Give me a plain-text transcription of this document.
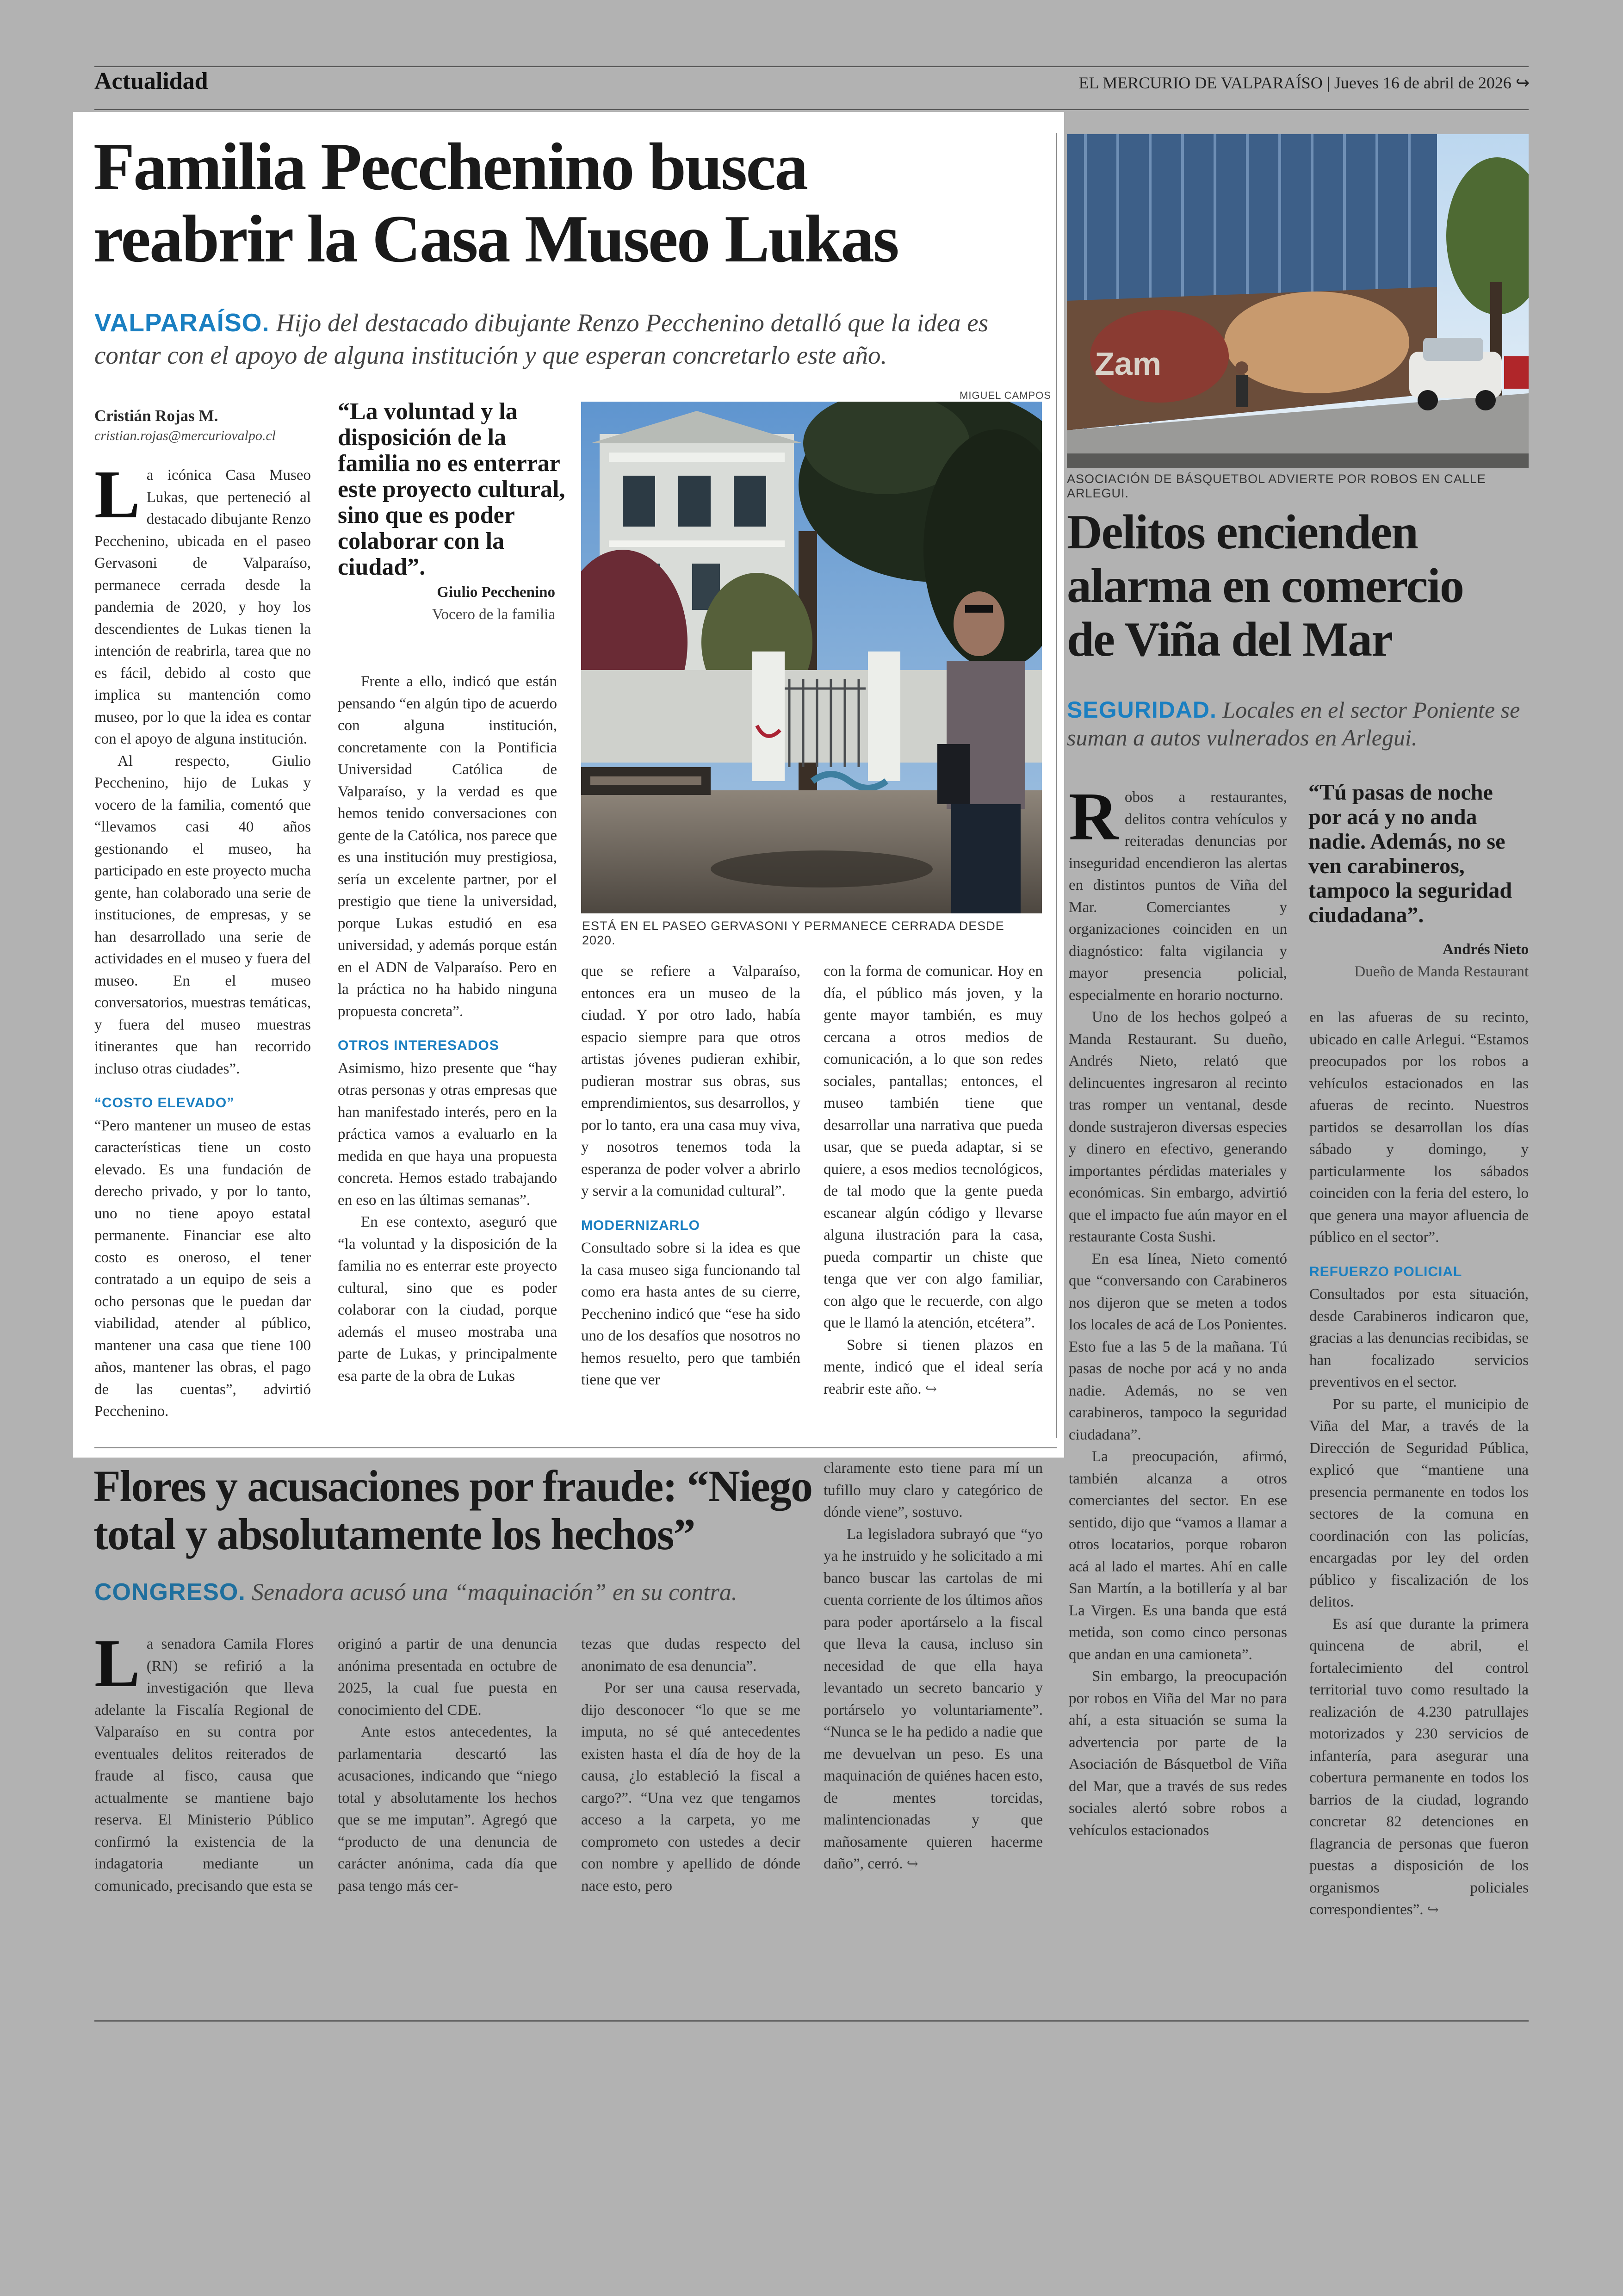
Actualidad	EL MERCURIO DE VALPARAÍSO | Jueves 16 de abril de 2026 ↪
Familia Pecchenino busca
reabrir la Casa Museo Lukas
VALPARAÍSO. Hijo del destacado dibujante Renzo Pecchenino detalló que la idea es contar con el apoyo de alguna institución y que esperan concretarlo este año.
Cristián Rojas M.
cristian.rojas@mercuriovalpo.cl

L a icónica Casa Museo Lukas, que perteneció al destacado dibujante Renzo Pecchenino, ubicada en el paseo Gervasoni de Valparaíso, permanece cerrada desde la pandemia de 2020, y hoy los descendientes de Lukas tienen la intención de reabrirla, tarea que no es fácil, debido al costo que implica su mantención como museo, por lo que la idea es contar con el apoyo de alguna institución.

Al respecto, Giulio Pecchenino, hijo de Lukas y vocero de la familia, comentó que “llevamos casi 40 años gestionando el museo, ha participado en este proyecto mucha gente, han colaborado una serie de instituciones, de empresas, y se han desarrollado una serie de actividades en el museo y fuera del museo. En el museo conversatorios, muestras temáticas, y fuera del museo muestras itinerantes que han recorrido incluso otras ciudades”.

“COSTO ELEVADO”

“Pero mantener un museo de estas características tiene un costo elevado. Es una fundación de derecho privado, y por lo tanto, uno no tiene apoyo estatal permanente. Financiar ese alto costo es oneroso, el tener contratado a un equipo de seis a ocho personas que le puedan dar viabilidad, atender al público, mantener una casa que tiene 100 años, mantener las obras, el pago de las cuentas”, advirtió Pecchenino.

“La voluntad y la disposición de la familia no es enterrar este proyecto cultural, sino que es poder colaborar con la ciudad”.
Giulio Pecchenino
Vocero de la familia

Frente a ello, indicó que están pensando “en algún tipo de acuerdo con alguna institución, concretamente con la Pontificia Universidad Católica de Valparaíso, y la verdad es que hemos tenido conversaciones con gente de la Católica, nos parece que es una institución muy prestigiosa, sería un excelente partner, por el prestigio que tiene la universidad, porque Lukas estudió en esa universidad, y además porque están en el ADN de Valparaíso. Pero en la práctica no ha habido ninguna propuesta concreta”.

OTROS INTERESADOS

Asimismo, hizo presente que “hay otras personas y otras empresas que han manifestado interés, pero en la práctica vamos a evaluarlo en la medida en que haya una propuesta concreta. Hemos estado trabajando en eso en las últimas semanas”.

En ese contexto, aseguró que “la voluntad y la disposición de la familia no es enterrar este proyecto cultural, sino que es poder colaborar con la ciudad, porque además el museo mostraba una parte de Lukas, y principalmente esa parte de la obra de Lukas

MIGUEL CAMPOS
ESTÁ EN EL PASEO GERVASONI Y PERMANECE CERRADA DESDE 2020.

que se refiere a Valparaíso, entonces era un museo de la ciudad. Y por otro lado, había espacio siempre para que otros artistas jóvenes pudieran exhibir, pudieran mostrar sus obras, sus emprendimientos, sus desarrollos, y por lo tanto, era una casa muy viva, y nosotros tenemos toda la esperanza de poder volver a abrirlo y servir a la comunidad cultural”.

MODERNIZARLO

Consultado sobre si la idea es que la casa museo siga funcionando tal como era hasta antes de su cierre, Pecchenino indicó que “ese ha sido uno de los desafíos que nosotros no hemos resuelto, pero que también tiene que ver

con la forma de comunicar. Hoy en día, el público más joven, y la gente mayor también, es muy cercana a otros medios de comunicación, a lo que son redes sociales, pantallas; entonces, el museo también tiene que desarrollar una narrativa que pueda usar, que se pueda adaptar, si se quiere, a esos medios tecnológicos, de tal modo que la gente pueda escanear algún código y llevarse alguna ilustración para la casa, pueda compartir un chiste que tenga que ver con algo familiar, con algo que le recuerde, con algo que le llamó la atención, etcétera”.

Sobre si tienen plazos en mente, indicó que el ideal sería reabrir este año. ↪

Zam
ASOCIACIÓN DE BÁSQUETBOL ADVIERTE POR ROBOS EN CALLE ARLEGUI.
Delitos encienden
alarma en comercio
de Viña del Mar
SEGURIDAD. Locales en el sector Poniente se suman a autos vulnerados en Arlegui.

R obos a restaurantes, delitos contra vehículos y reiteradas denuncias por inseguridad encendieron las alertas en distintos puntos de Viña del Mar. Comerciantes y organizaciones coinciden en un diagnóstico: falta vigilancia y mayor presencia policial, especialmente en horario nocturno.

Uno de los hechos golpeó a Manda Restaurant. Su dueño, Andrés Nieto, relató que delincuentes ingresaron al recinto tras romper un ventanal, desde donde sustrajeron diversas especies y dinero en efectivo, generando importantes pérdidas materiales y económicas. Sin embargo, advirtió que el impacto fue aún mayor en el restaurante Costa Sushi.

En esa línea, Nieto comentó que “conversando con Carabineros nos dijeron que se meten a todos los locales de acá de Los Ponientes. Esto fue a las 5 de la mañana. Tú pasas de noche por acá y no anda nadie. Además, no se ven carabineros, tampoco la seguridad ciudadana”.

La preocupación, afirmó, también alcanza a otros comerciantes del sector. En ese sentido, dijo que “vamos a llamar a otros locatarios, porque robaron acá al lado el martes. Ahí en calle San Martín, a la botillería y al bar La Virgen. Es una banda que está metida, son como cinco personas que andan en una camioneta”.

Sin embargo, la preocupación por robos en Viña del Mar no para ahí, a esta situación se suma la advertencia por parte de la Asociación de Básquetbol de Viña del Mar, que a través de sus redes sociales alertó sobre robos a vehículos estacionados

“Tú pasas de noche por acá y no anda nadie. Además, no se ven carabineros, tampoco la seguridad ciudadana”.
Andrés Nieto
Dueño de Manda Restaurant

en las afueras de su recinto, ubicado en calle Arlegui. “Estamos preocupados por los robos a vehículos estacionados en las afueras de recinto. Nuestros partidos se desarrollan los días sábado y domingo, y particularmente los sábados coinciden con la feria del estero, lo que genera una mayor afluencia de público en el sector”.

REFUERZO POLICIAL

Consultados por esta situación, desde Carabineros indicaron que, gracias a las denuncias recibidas, se han focalizado servicios preventivos en el sector.

Por su parte, el municipio de Viña del Mar, a través de la Dirección de Seguridad Pública, explicó que “mantiene una presencia permanente en todos los sectores de la comuna en coordinación con las policías, encargadas por ley del orden público y fiscalización de los delitos.

Es así que durante la primera quincena de abril, el fortalecimiento del control territorial tuvo como resultado la realización de 4.230 patrullajes motorizados y 230 servicios de infantería, para asegurar una cobertura permanente en todos los barrios de la ciudad, logrando concretar 82 detenciones en flagrancia de personas que fueron puestas a disposición de los organismos policiales correspondientes”. ↪

Flores y acusaciones por fraude: “Niego
total y absolutamente los hechos”
CONGRESO. Senadora acusó una “maquinación” en su contra.

L a senadora Camila Flores (RN) se refirió a la investigación que lleva adelante la Fiscalía Regional de Valparaíso en su contra por eventuales delitos reiterados de fraude al fisco, causa que actualmente se mantiene bajo reserva. El Ministerio Público confirmó la existencia de la indagatoria mediante un comunicado, precisando que esta se

originó a partir de una denuncia anónima presentada en octubre de 2025, la cual fue puesta en conocimiento del CDE.

Ante estos antecedentes, la parlamentaria descartó las acusaciones, indicando que “niego total y absolutamente los hechos que se me imputan”. Agregó que “producto de una denuncia de carácter anónima, cada día que pasa tengo más cer-

tezas que dudas respecto del anonimato de esa denuncia”.

Por ser una causa reservada, dijo desconocer “lo que se me imputa, no sé qué antecedentes existen hasta el día de hoy de la causa, ¿lo estableció la fiscal a cargo?”. “Una vez que tengamos acceso a la carpeta, yo me comprometo con ustedes a decir con nombre y apellido de dónde nace esto, pero

claramente esto tiene para mí un tufillo muy claro y categórico de dónde viene”, sostuvo.

La legisladora subrayó que “yo ya he instruido y he solicitado a mi banco buscar las cartolas de mi cuenta corriente de los últimos años para poder aportárselo a la fiscal que lleva la causa, incluso sin necesidad de que ella haya levantado un secreto bancario y portárselo yo voluntariamente”. “Nunca se le ha pedido a nadie que me devuelvan un peso. Es una maquinación de quiénes hacen esto, de mentes torcidas, malintencionadas y que mañosamente quieren hacerme daño”, cerró. ↪
